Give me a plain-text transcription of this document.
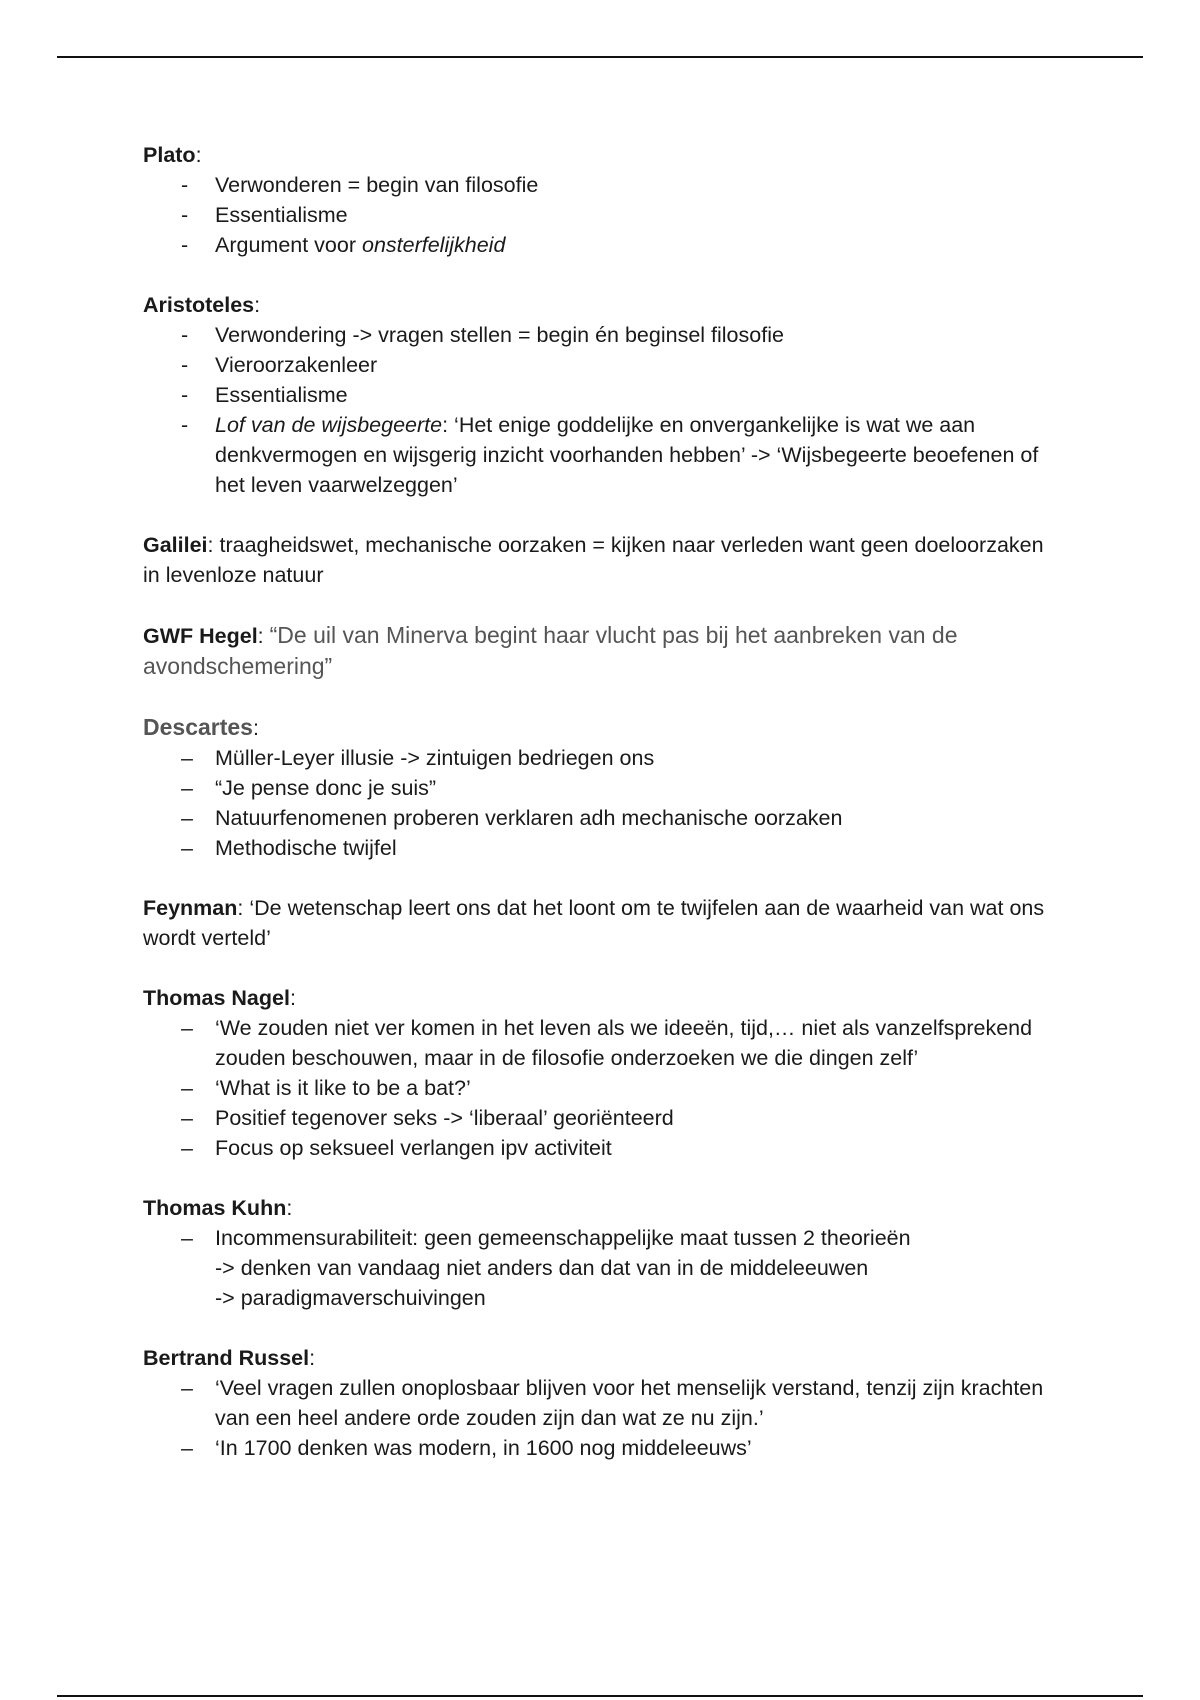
Plato:
- Verwonderen = begin van filosofie
- Essentialisme
- Argument voor onsterfelijkheid
Aristoteles:
- Verwondering -> vragen stellen = begin én beginsel filosofie
- Vieroorzakenleer
- Essentialisme
- Lof van de wijsbegeerte: ‘Het enige goddelijke en onvergankelijke is wat we aan denkvermogen en wijsgerig inzicht voorhanden hebben’ -> ‘Wijsbegeerte beoefenen of het leven vaarwelzeggen’
Galilei: traagheidswet, mechanische oorzaken = kijken naar verleden want geen doeloorzaken in levenloze natuur
GWF Hegel: “De uil van Minerva begint haar vlucht pas bij het aanbreken van de avondschemering”
Descartes:
– Müller-Leyer illusie -> zintuigen bedriegen ons
– “Je pense donc je suis”
– Natuurfenomenen proberen verklaren adh mechanische oorzaken
– Methodische twijfel
Feynman: ‘De wetenschap leert ons dat het loont om te twijfelen aan de waarheid van wat ons wordt verteld’
Thomas Nagel:
– ‘We zouden niet ver komen in het leven als we ideeën, tijd,… niet als vanzelfsprekend zouden beschouwen, maar in de filosofie onderzoeken we die dingen zelf’
– ‘What is it like to be a bat?’
– Positief tegenover seks -> ‘liberaal’ georiënteerd
– Focus op seksueel verlangen ipv activiteit
Thomas Kuhn:
– Incommensurabiliteit: geen gemeenschappelijke maat tussen 2 theorieën
-> denken van vandaag niet anders dan dat van in de middeleeuwen
-> paradigmaverschuivingen
Bertrand Russel:
– ‘Veel vragen zullen onoplosbaar blijven voor het menselijk verstand, tenzij zijn krachten van een heel andere orde zouden zijn dan wat ze nu zijn.’
– ‘In 1700 denken was modern, in 1600 nog middeleeuws’
